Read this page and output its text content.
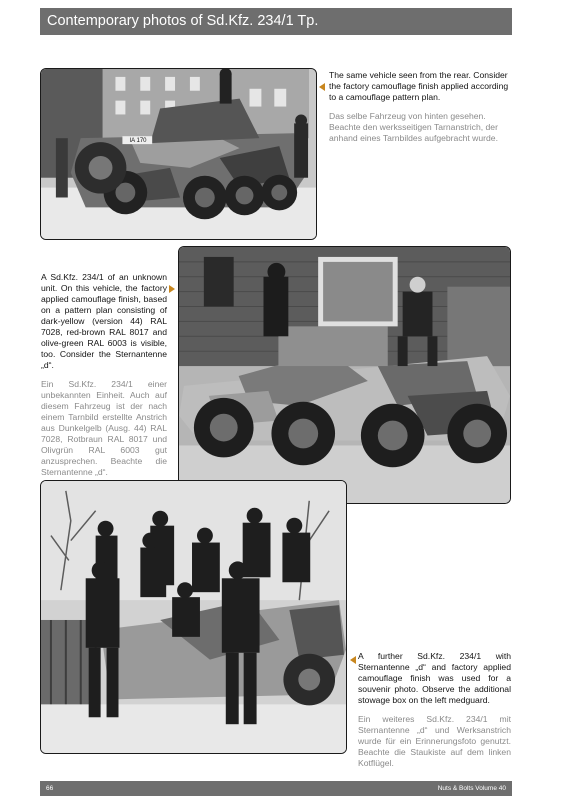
Contemporary photos of Sd.Kfz. 234/1 Tp.
IA 170

The same vehicle seen from the rear. Consider the factory camouflage finish applied according to a camouflage pattern plan.

Das selbe Fahrzeug von hinten gesehen. Beachte den werksseitigen Tarnanstrich, der anhand eines Tarnbildes aufgebracht wurde.

A Sd.Kfz. 234/1 of an unknown unit. On this vehicle, the factory applied camouflage finish, based on a pattern plan consisting of dark-yellow (version 44) RAL 7028, red-brown RAL 8017 and olive-green RAL 6003 is visible, too. Consider the Sternantenne „d“.

Ein Sd.Kfz. 234/1 einer unbekannten Einheit. Auch auf diesem Fahrzeug ist der nach einem Tarnbild erstellte Anstrich aus Dunkelgelb (Ausg. 44) RAL 7028, Rotbraun RAL 8017 und Olivgrün RAL 6003 gut anzusprechen. Beachte die Sternantenne „d“.

A further Sd.Kfz. 234/1 with Sternantenne „d“ and factory applied camouflage finish was used for a souvenir photo. Observe the additional stowage box on the left medguard.

Ein weiteres Sd.Kfz. 234/1 mit Sternantenne „d“ und Werksanstrich wurde für ein Erinnerungsfoto genutzt. Beachte die Staukiste auf dem linken Kotflügel.

66	Nuts & Bolts Volume 40
